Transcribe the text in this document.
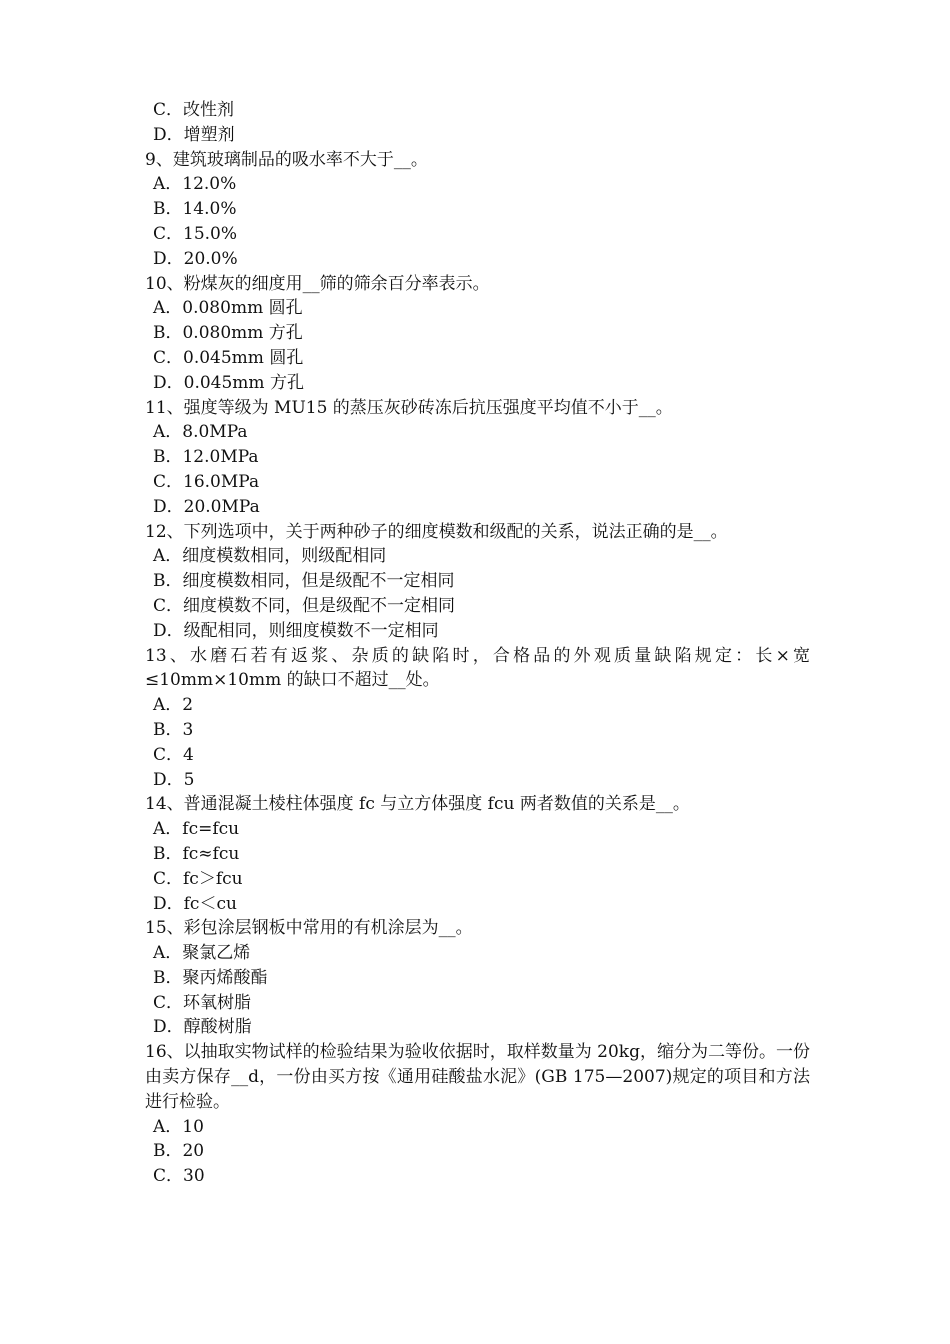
C．改性剂

D．增塑剂

9、建筑玻璃制品的吸水率不大于__。

A．12.0%

B．14.0%

C．15.0%

D．20.0%

10、粉煤灰的细度用__筛的筛余百分率表示。

A．0.080mm 圆孔

B．0.080mm 方孔

C．0.045mm 圆孔

D．0.045mm 方孔

11、强度等级为 MU15 的蒸压灰砂砖冻后抗压强度平均值不小于__。

A．8.0MPa

B．12.0MPa

C．16.0MPa

D．20.0MPa

12、下列选项中，关于两种砂子的细度模数和级配的关系，说法正确的是__。

A．细度模数相同，则级配相同

B．细度模数相同，但是级配不一定相同

C．细度模数不同，但是级配不一定相同

D．级配相同，则细度模数不一定相同

13、水磨石若有返浆、杂质的缺陷时，合格品的外观质量缺陷规定：长×宽≤10mm×10mm 的缺口不超过__处。

A．2

B．3

C．4

D．5

14、普通混凝土棱柱体强度 fc 与立方体强度 fcu 两者数值的关系是__。

A．fc=fcu

B．fc≈fcu

C．fc＞fcu

D．fc＜cu

15、彩包涂层钢板中常用的有机涂层为__。

A．聚氯乙烯

B．聚丙烯酸酯

C．环氧树脂

D．醇酸树脂

16、以抽取实物试样的检验结果为验收依据时，取样数量为 20kg，缩分为二等份。一份由卖方保存__d，一份由买方按《通用硅酸盐水泥》(GB 175—2007)规定的项目和方法进行检验。

A．10

B．20

C．30
